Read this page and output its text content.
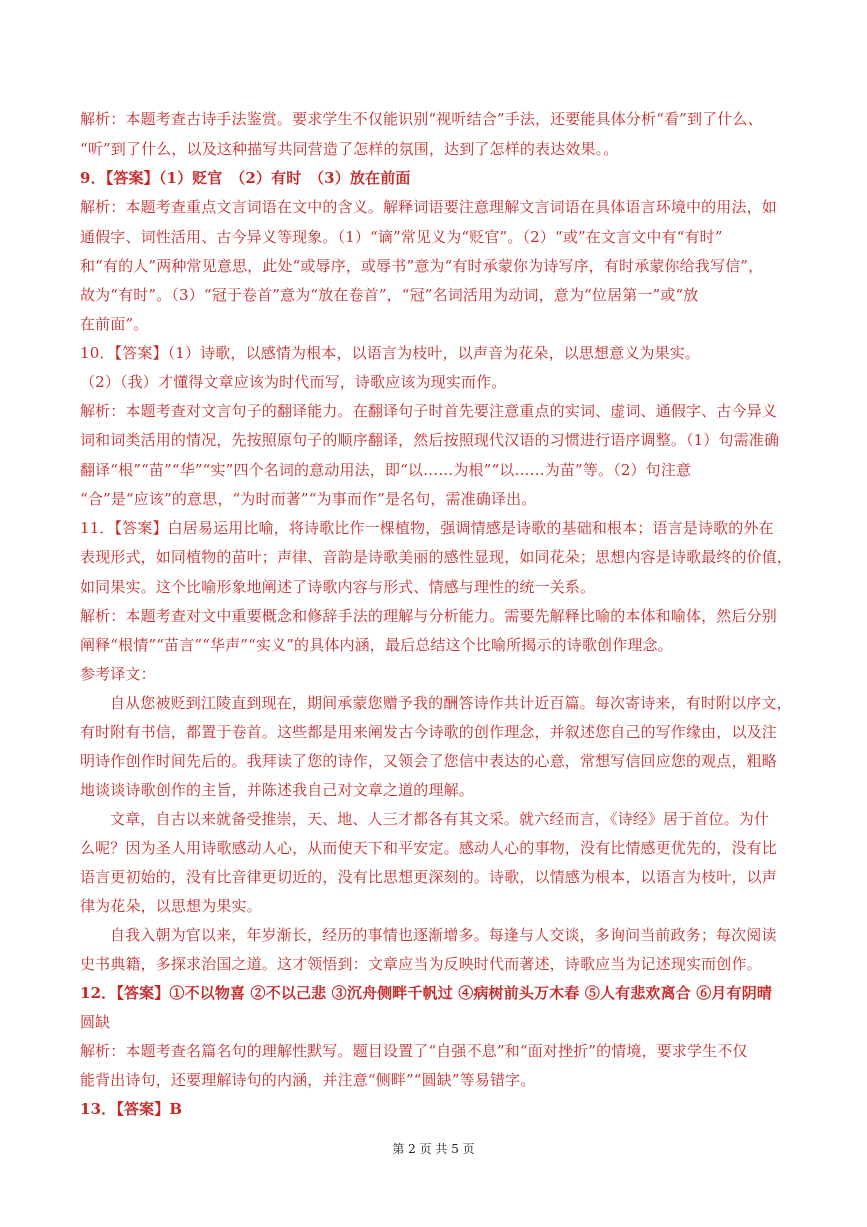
解析：本题考查古诗手法鉴赏。要求学生不仅能识别“视听结合”手法，还要能具体分析“看”到了什么、
“听”到了什么，以及这种描写共同营造了怎样的氛围，达到了怎样的表达效果。。
9．【答案】（1）贬官　（2）有时　（3）放在前面
解析：本题考查重点文言词语在文中的含义。解释词语要注意理解文言词语在具体语言环境中的用法，如
通假字、词性活用、古今异义等现象。（1）“谪”常见义为“贬官”。（2）“或”在文言文中有“有时”
和“有的人”两种常见意思，此处“或辱序，或辱书”意为“有时承蒙你为诗写序，有时承蒙你给我写信”，
故为“有时”。（3）“冠于卷首”意为“放在卷首”，“冠”名词活用为动词，意为“位居第一”或“放
在前面”。
10．【答案】（1）诗歌，以感情为根本，以语言为枝叶，以声音为花朵，以思想意义为果实。
（2）（我）才懂得文章应该为时代而写，诗歌应该为现实而作。
解析：本题考查对文言句子的翻译能力。在翻译句子时首先要注意重点的实词、虚词、通假字、古今异义
词和词类活用的情况，先按照原句子的顺序翻译，然后按照现代汉语的习惯进行语序调整。（1）句需准确
翻译“根”“苗”“华”“实”四个名词的意动用法，即“以……为根”“以……为苗”等。（2）句注意
“合”是“应该”的意思，“为时而著”“为事而作”是名句，需准确译出。
11．【答案】白居易运用比喻，将诗歌比作一棵植物，强调情感是诗歌的基础和根本；语言是诗歌的外在
表现形式，如同植物的苗叶；声律、音韵是诗歌美丽的感性显现，如同花朵；思想内容是诗歌最终的价值，
如同果实。这个比喻形象地阐述了诗歌内容与形式、情感与理性的统一关系。
解析：本题考查对文中重要概念和修辞手法的理解与分析能力。需要先解释比喻的本体和喻体，然后分别
阐释“根情”“苗言”“华声”“实义”的具体内涵，最后总结这个比喻所揭示的诗歌创作理念。
参考译文：
自从您被贬到江陵直到现在，期间承蒙您赠予我的酬答诗作共计近百篇。每次寄诗来，有时附以序文，
有时附有书信，都置于卷首。这些都是用来阐发古今诗歌的创作理念，并叙述您自己的写作缘由，以及注
明诗作创作时间先后的。我拜读了您的诗作，又领会了您信中表达的心意，常想写信回应您的观点，粗略
地谈谈诗歌创作的主旨，并陈述我自己对文章之道的理解。
文章，自古以来就备受推崇，天、地、人三才都各有其文采。就六经而言，《诗经》居于首位。为什
么呢？因为圣人用诗歌感动人心，从而使天下和平安定。感动人心的事物，没有比情感更优先的，没有比
语言更初始的，没有比音律更切近的，没有比思想更深刻的。诗歌，以情感为根本，以语言为枝叶，以声
律为花朵，以思想为果实。
自我入朝为官以来，年岁渐长，经历的事情也逐渐增多。每逢与人交谈，多询问当前政务；每次阅读
史书典籍，多探求治国之道。这才领悟到：文章应当为反映时代而著述，诗歌应当为记述现实而创作。
12．【答案】①不以物喜 ②不以己悲 ③沉舟侧畔千帆过 ④病树前头万木春 ⑤人有悲欢离合 ⑥月有阴晴
圆缺
解析：本题考查名篇名句的理解性默写。题目设置了“自强不息”和“面对挫折”的情境，要求学生不仅
能背出诗句，还要理解诗句的内涵，并注意“侧畔”“圆缺”等易错字。
13．【答案】B
第 2 页 共 5 页
